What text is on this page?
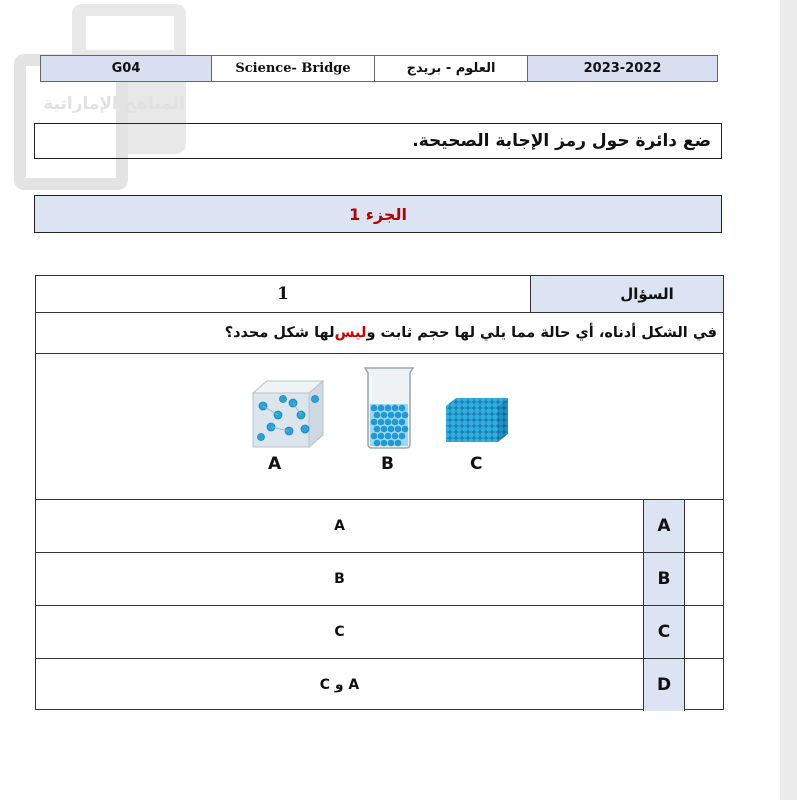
المناهج الإماراتية
G04	Science- Bridge	العلوم - بريدج	2023-2022
ضع دائرة حول رمز الإجابة الصحيحة.
الجزء 1
1	السؤال
في الشكل أدناه، أي حالة مما يلي لها حجم ثابت و
ليس
لها شكل محدد؟
A	B	C
A	A
B	B
C	C
C و A	D
